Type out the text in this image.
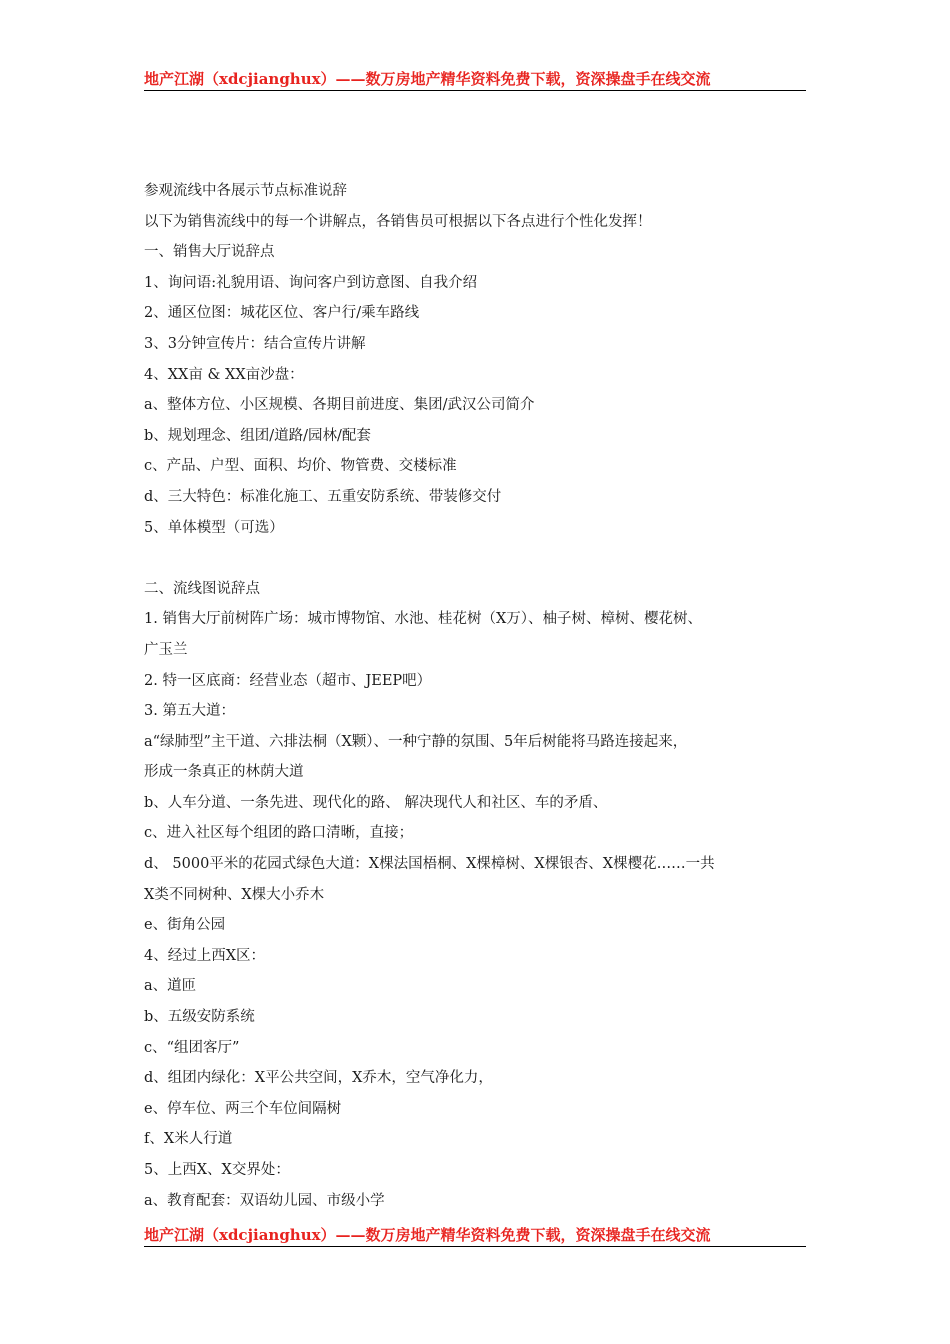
地产江湖（xdcjianghux）——数万房地产精华资料免费下载，资深操盘手在线交流
参观流线中各展示节点标准说辞
以下为销售流线中的每一个讲解点，各销售员可根据以下各点进行个性化发挥！
一、销售大厅说辞点
1、询问语:礼貌用语、询问客户到访意图、自我介绍
2、通区位图：城花区位、客户行/乘车路线
3、3分钟宣传片：结合宣传片讲解
4、XX亩 & XX亩沙盘：
a、整体方位、小区规模、各期目前进度、集团/武汉公司简介
b、规划理念、组团/道路/园林/配套
c、产品、户型、面积、均价、物管费、交楼标准
d、三大特色：标准化施工、五重安防系统、带装修交付
5、单体模型（可选）
二、流线图说辞点
1. 销售大厅前树阵广场：城市博物馆、水池、桂花树（X万）、柚子树、樟树、樱花树、
广玉兰
2. 特一区底商：经营业态（超市、JEEP吧）
3. 第五大道：
a“绿肺型”主干道、六排法桐（X颗）、一种宁静的氛围、5年后树能将马路连接起来，
形成一条真正的林荫大道
b、人车分道、一条先进、现代化的路、 解决现代人和社区、车的矛盾、
c、进入社区每个组团的路口清晰，直接；
d、 5000平米的花园式绿色大道：X棵法国梧桐、X棵樟树、X棵银杏、X棵樱花……一共
X类不同树种、X棵大小乔木
e、街角公园
4、经过上西X区：
a、道匝
b、五级安防系统
c、“组团客厅”
d、组团内绿化：X平公共空间，X乔木，空气净化力，
e、停车位、两三个车位间隔树
f、X米人行道
5、上西X、X交界处：
a、教育配套：双语幼儿园、市级小学
地产江湖（xdcjianghux）——数万房地产精华资料免费下载，资深操盘手在线交流
